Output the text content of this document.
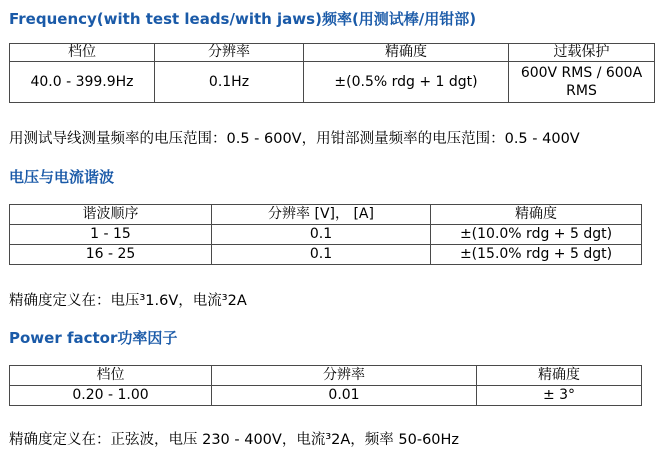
Frequency(with test leads/with jaws)频率(用测试棒/用钳部)
档位	分辨率	精确度	过载保护
40.0 - 399.9Hz	0.1Hz	±(0.5% rdg + 1 dgt)	600V RMS / 600A RMS
用测试导线测量频率的电压范围：0.5 - 600V，用钳部测量频率的电压范围：0.5 - 400V
电压与电流谐波
谐波顺序	分辨率 [V]， [A]	精确度
1 - 15	0.1	±(10.0% rdg + 5 dgt)
16 - 25	0.1	±(15.0% rdg + 5 dgt)
精确度定义在：电压³1.6V，电流³2A
Power factor功率因子
档位	分辨率	精确度
0.20 - 1.00	0.01	± 3°
精确度定义在：正弦波，电压 230 - 400V，电流³2A，频率 50-60Hz
